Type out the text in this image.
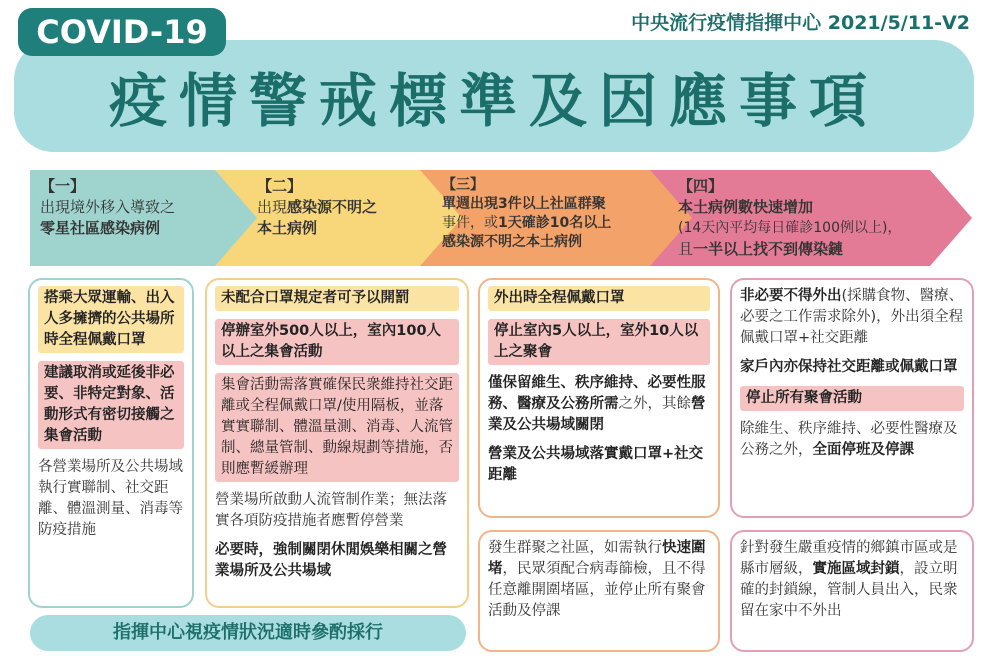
COVID-19	中央流行疫情指揮中心 2021/5/11-V2
疫情警戒標準及因應事項
【一】
出現境外移入導致之
零星社區感染病例
【二】
出現感染源不明之
本土病例
【三】
單週出現3件以上社區群聚
事件，或1天確診10名以上
感染源不明之本土病例
【四】
本土病例數快速增加
(14天內平均每日確診100例以上)，
且一半以上找不到傳染鏈
搭乘大眾運輸、出入人多擁擠的公共場所時全程佩戴口罩
建議取消或延後非必要、非特定對象、活動形式有密切接觸之集會活動
各營業場所及公共場域執行實聯制、社交距離、體溫測量、消毒等防疫措施
未配合口罩規定者可予以開罰
停辦室外500人以上，室內100人以上之集會活動
集會活動需落實確保民衆維持社交距離或全程佩戴口罩/使用隔板，並落實實聯制、體溫量測、消毒、人流管制、總量管制、動線規劃等措施，否則應暫緩辦理
營業場所啟動人流管制作業；無法落實各項防疫措施者應暫停營業
必要時，強制關閉休閒娛樂相關之營業場所及公共場域
外出時全程佩戴口罩
停止室內5人以上，室外10人以上之聚會
僅保留維生、秩序維持、必要性服務、醫療及公務所需之外，其餘營業及公共場域關閉
營業及公共場域落實戴口罩+社交距離
發生群聚之社區，如需執行快速圍堵，民眾須配合病毒篩檢，且不得任意離開圍堵區，並停止所有聚會活動及停課
非必要不得外出(採購食物、醫療、必要之工作需求除外)，外出須全程佩戴口罩+社交距離
家戶內亦保持社交距離或佩戴口罩
停止所有聚會活動
除維生、秩序維持、必要性醫療及公務之外，全面停班及停課
針對發生嚴重疫情的鄉鎮市區或是縣市層級，實施區域封鎖，設立明確的封鎖線，管制人員出入，民衆留在家中不外出
指揮中心視疫情狀況適時參酌採行
